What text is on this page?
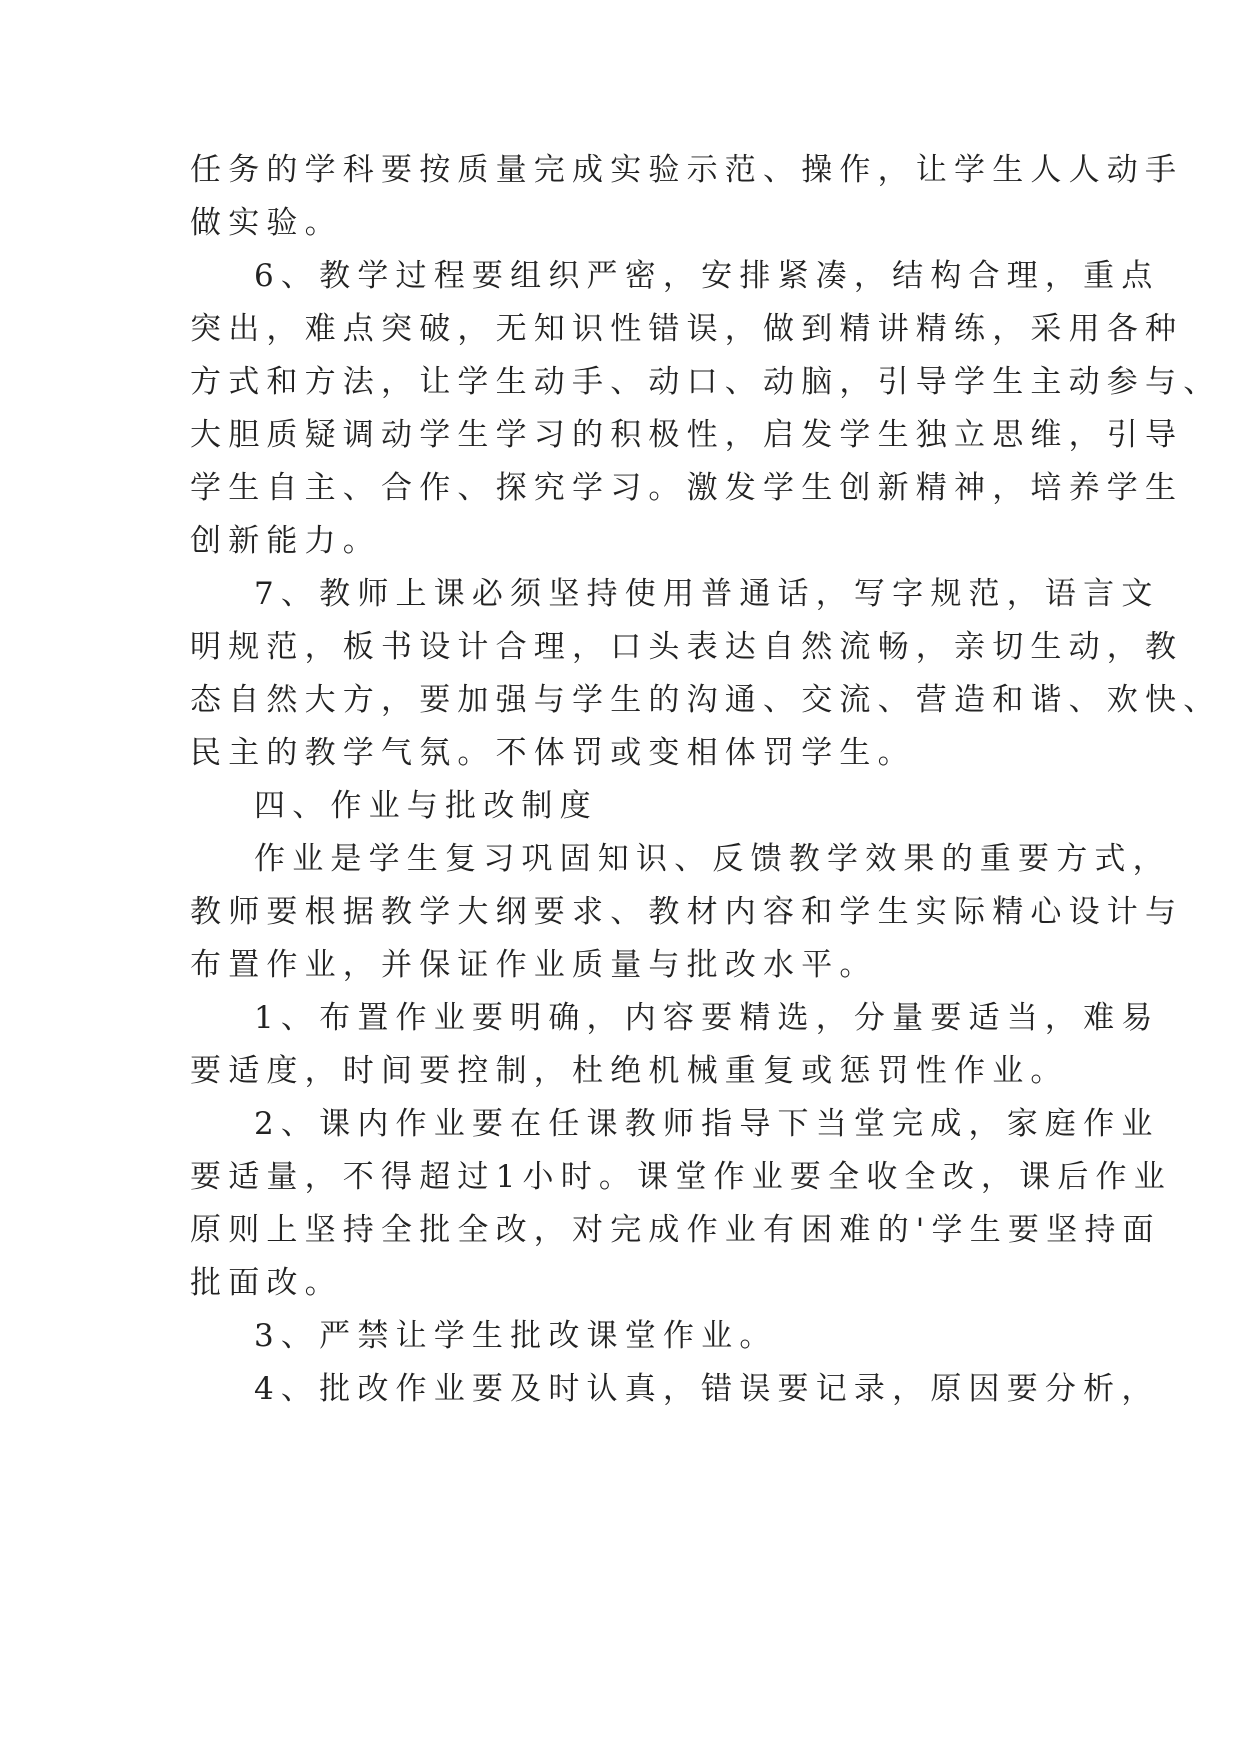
任务的学科要按质量完成实验示范、操作，让学生人人动手
做实验。
6、教学过程要组织严密，安排紧凑，结构合理，重点
突出，难点突破，无知识性错误，做到精讲精练，采用各种
方式和方法，让学生动手、动口、动脑，引导学生主动参与、
大胆质疑调动学生学习的积极性，启发学生独立思维，引导
学生自主、合作、探究学习。激发学生创新精神，培养学生
创新能力。
7、教师上课必须坚持使用普通话，写字规范，语言文
明规范，板书设计合理，口头表达自然流畅，亲切生动，教
态自然大方，要加强与学生的沟通、交流、营造和谐、欢快、
民主的教学气氛。不体罚或变相体罚学生。
四、作业与批改制度
作业是学生复习巩固知识、反馈教学效果的重要方式，
教师要根据教学大纲要求、教材内容和学生实际精心设计与
布置作业，并保证作业质量与批改水平。
1、布置作业要明确，内容要精选，分量要适当，难易
要适度，时间要控制，杜绝机械重复或惩罚性作业。
2、课内作业要在任课教师指导下当堂完成，家庭作业
要适量，不得超过1小时。课堂作业要全收全改，课后作业
原则上坚持全批全改，对完成作业有困难的'学生要坚持面
批面改。
3、严禁让学生批改课堂作业。
4、批改作业要及时认真，错误要记录，原因要分析，
